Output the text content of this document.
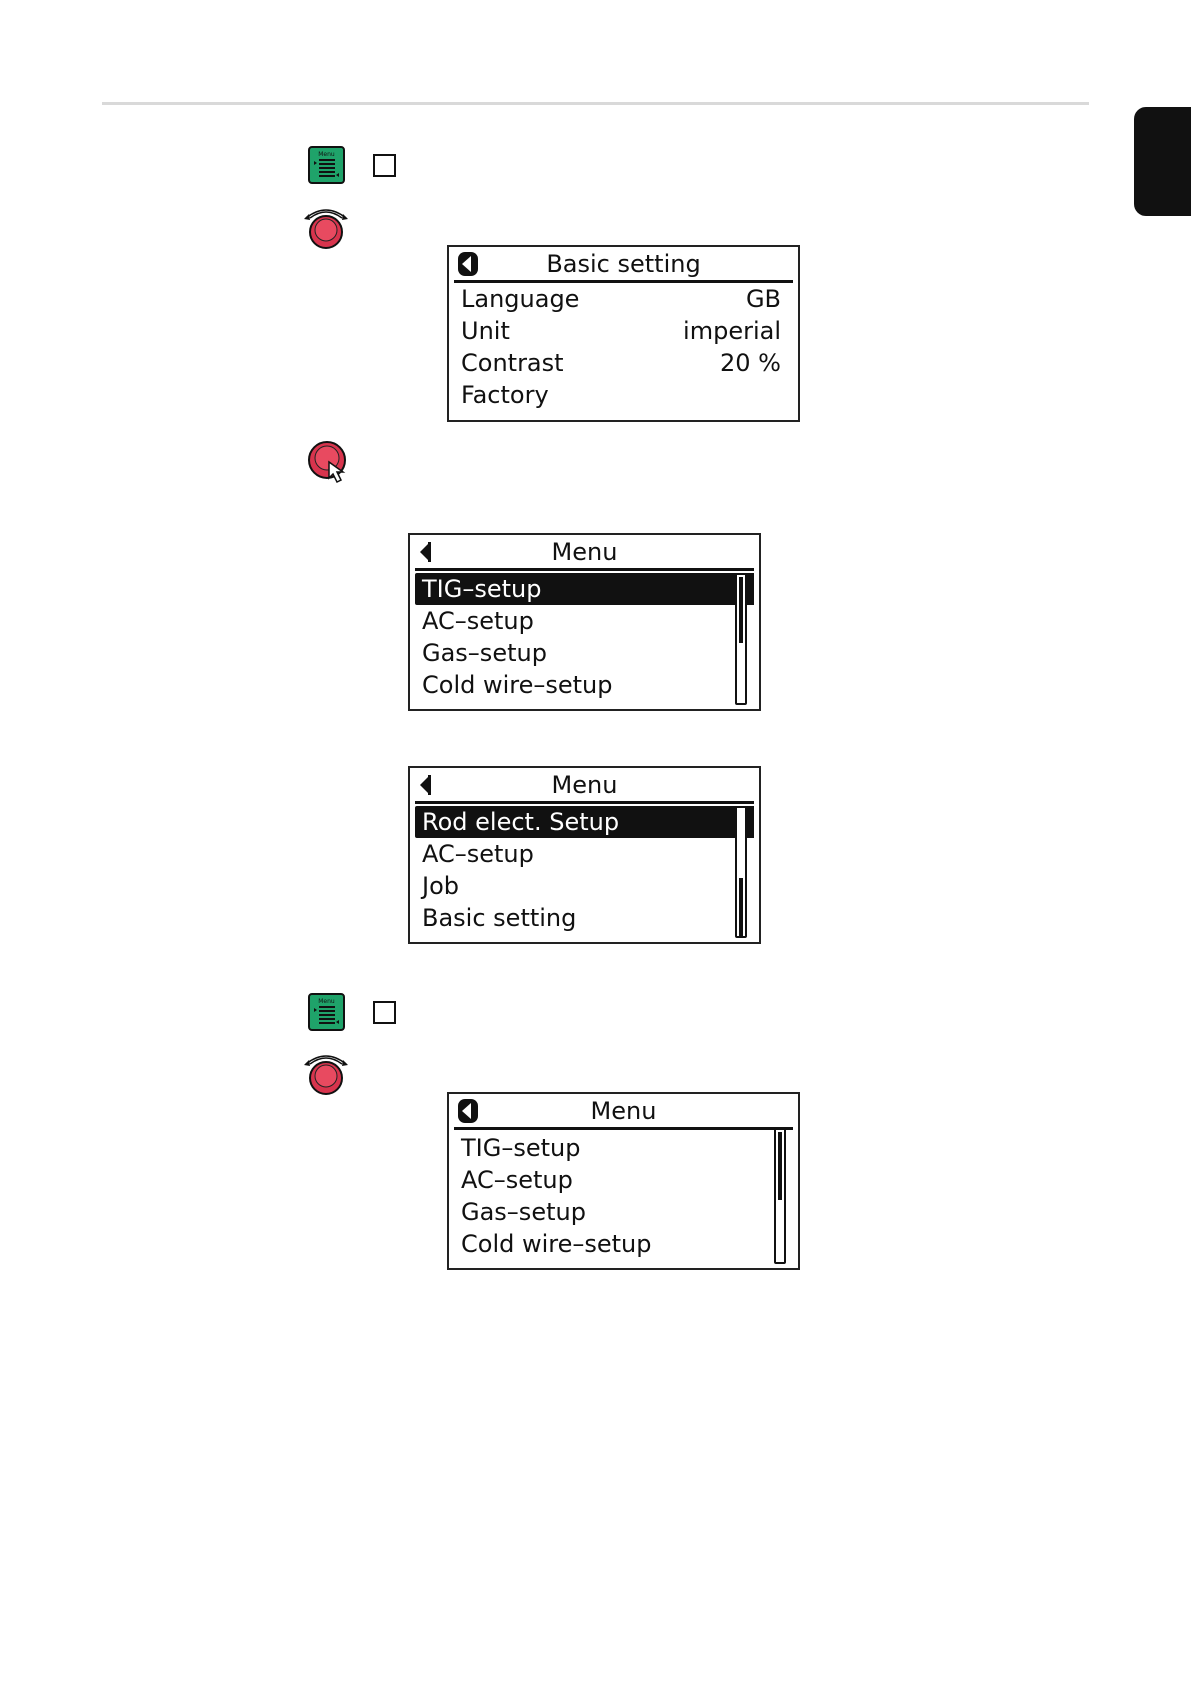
Menu
Basic setting
Language	GB
Unit	imperial
Contrast	20 %
Factory
Menu
TIG–setup
AC–setup
Gas–setup
Cold wire–setup
Menu
Rod elect. Setup
AC–setup
Job
Basic setting
Menu
Menu
TIG–setup
AC–setup
Gas–setup
Cold wire–setup
